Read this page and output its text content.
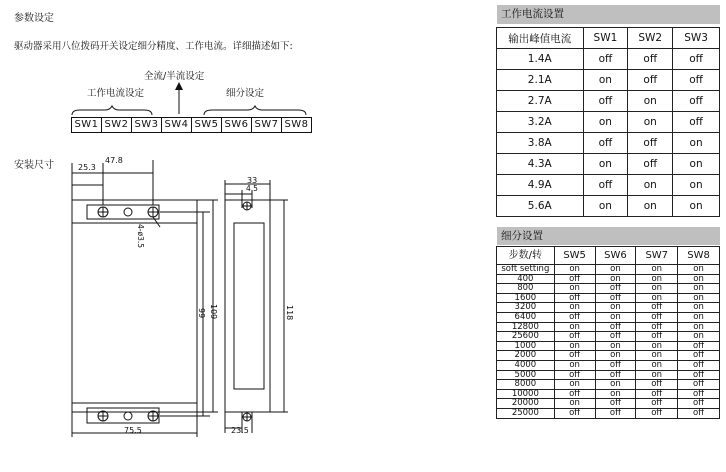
参数设定
驱动器采用八位拨码开关设定细分精度、工作电流。详细描述如下:
全流/半流设定
工作电流设定	细分设定
SW1 SW2 SW3 SW4 SW5 SW6 SW7 SW8
安装尺寸	47.8
25.3
4-ø3.5
99 109
75.5
33
4.5
118
23.5
工作电流设置
输出峰值电流	SW1	SW2	SW3
1.4A	off	off	off
2.1A	on	off	off
2.7A	off	on	off
3.2A	on	on	off
3.8A	off	off	on
4.3A	on	off	on
4.9A	off	on	on
5.6A	on	on	on
细分设置
步数/转	SW5	SW6	SW7	SW8
soft setting	on	on	on	on
400	off	on	on	on
800	on	off	on	on
1600	off	off	on	on
3200	on	on	off	on
6400	off	on	off	on
12800	on	off	off	on
25600	off	off	off	on
1000	on	on	on	off
2000	off	on	on	off
4000	on	off	on	off
5000	off	off	on	off
8000	on	on	off	off
10000	off	on	off	off
20000	on	off	off	off
25000	off	off	off	off
